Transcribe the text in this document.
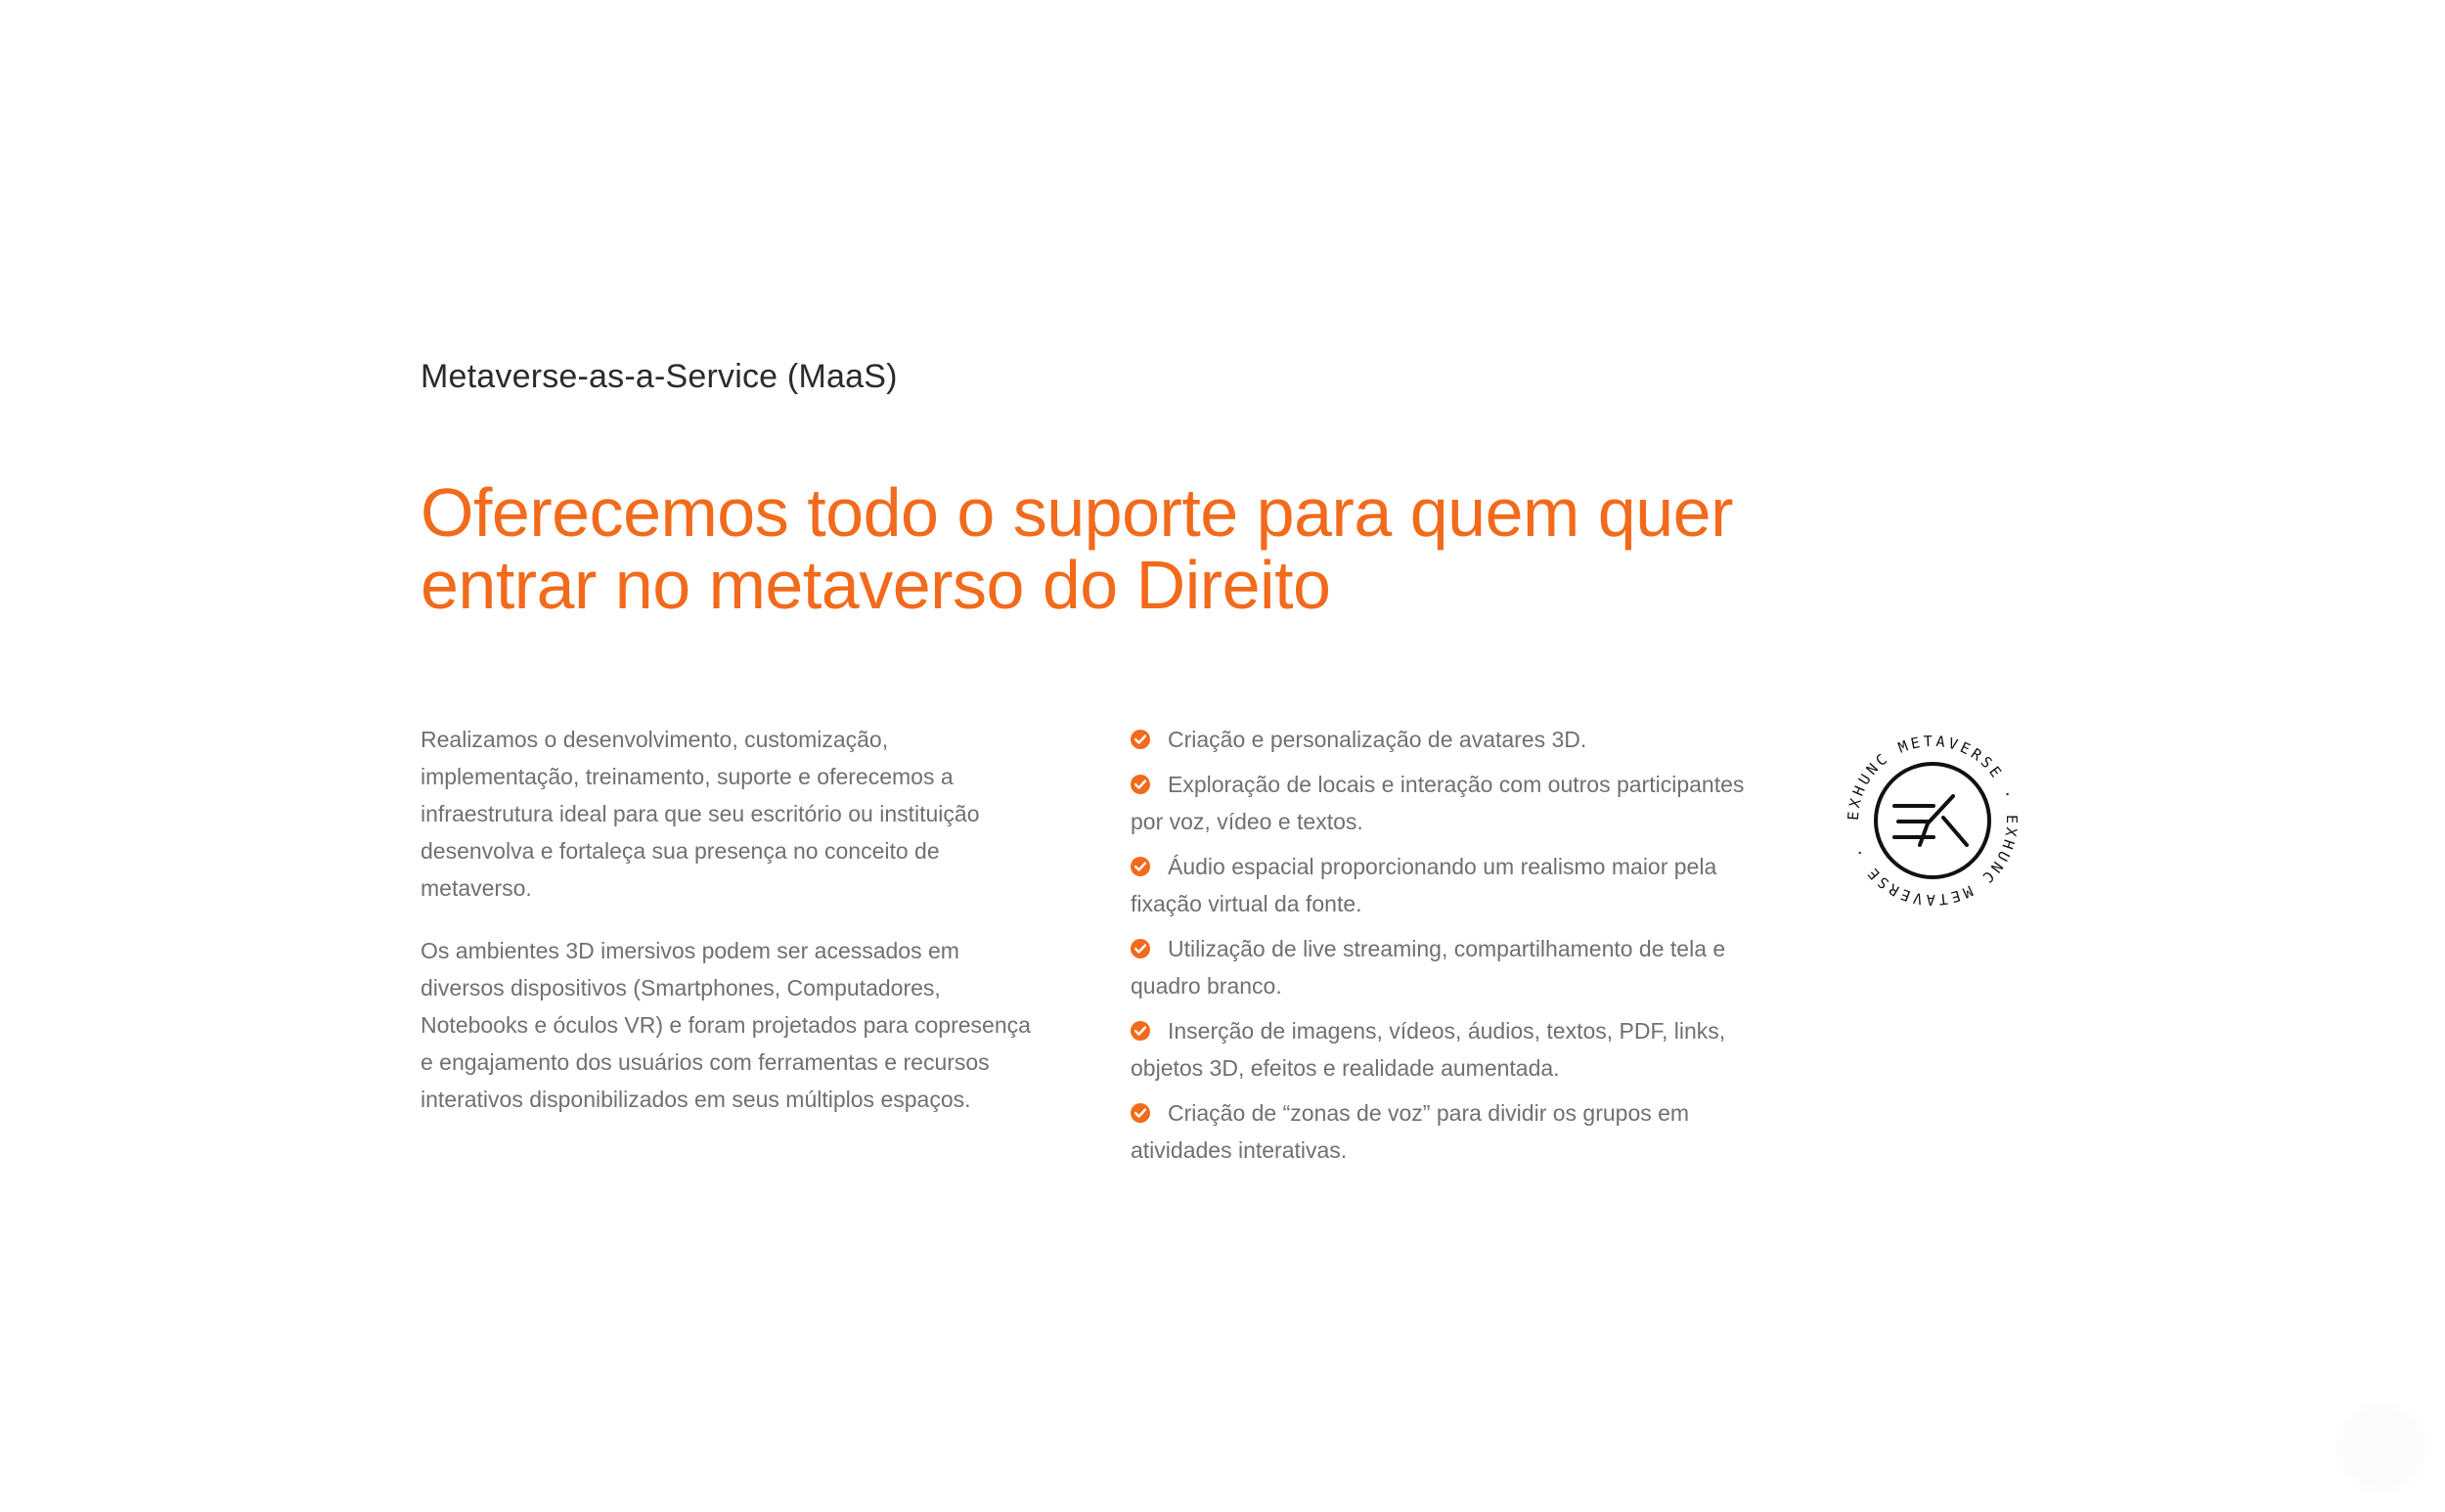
Metaverse-as-a-Service (MaaS)

Oferecemos todo o suporte para quem quer
entrar no metaverso do Direito

Realizamos o desenvolvimento, customização, implementação, treinamento, suporte e oferecemos a infraestrutura ideal para que seu escritório ou instituição desenvolva e fortaleça sua presença no conceito de metaverso.

Os ambientes 3D imersivos podem ser acessados em diversos dispositivos (Smartphones, Computadores, Notebooks e óculos VR) e foram projetados para copresença e engajamento dos usuários com ferramentas e recursos interativos disponibilizados em seus múltiplos espaços.

Criação e personalização de avatares 3D.
Exploração de locais e interação com outros participantes por voz, vídeo e textos.
Áudio espacial proporcionando um realismo maior pela fixação virtual da fonte.
Utilização de live streaming, compartilhamento de tela e quadro branco.
Inserção de imagens, vídeos, áudios, textos, PDF, links, objetos 3D, efeitos e realidade aumentada.
Criação de “zonas de voz” para dividir os grupos em atividades interativas.
EXHUNC METAVERSE · EXHUNC METAVERSE ·
